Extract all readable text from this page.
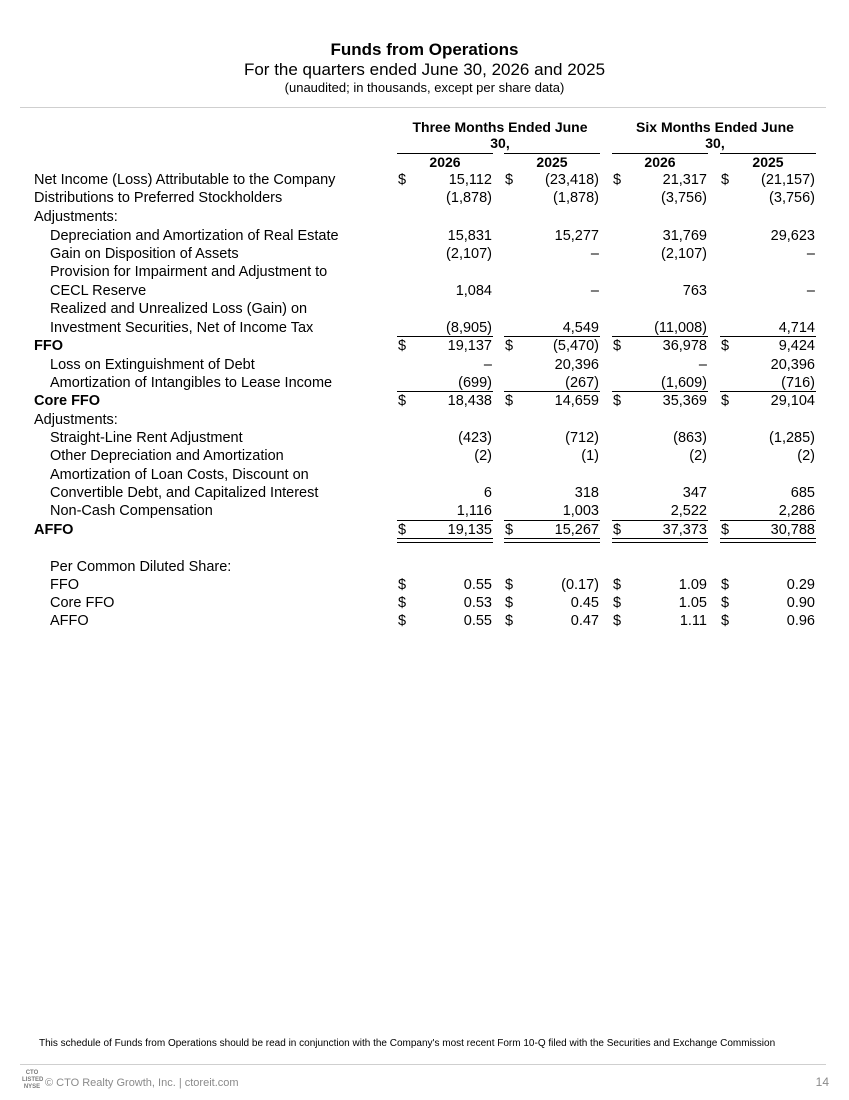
Funds from Operations
For the quarters ended June 30, 2026 and 2025
(unaudited; in thousands, except per share data)
Three Months Ended June 30,
Six Months Ended June 30,
2026	2025	2026	2025
Net Income (Loss) Attributable to the Company	$	15,112 $ (23,418) $	21,317 $ (21,157)
Distributions to Preferred Stockholders	(1,878)	(1,878)	(3,756)	(3,756)
Adjustments:
Depreciation and Amortization of Real Estate	15,831	15,277	31,769	29,623
Gain on Disposition of Assets	(2,107)	–	(2,107)	–
Provision for Impairment and Adjustment to
CECL Reserve	1,084	–	763	–
Realized and Unrealized Loss (Gain) on
Investment Securities, Net of Income Tax	(8,905)	4,549	(11,008)	4,714
FFO	$	19,137 $	(5,470) $	36,978 $	9,424
Loss on Extinguishment of Debt	–	20,396	–	20,396
Amortization of Intangibles to Lease Income	(699)	(267)	(1,609)	(716)
Core FFO	$	18,438 $	14,659 $	35,369 $	29,104
Adjustments:
Straight-Line Rent Adjustment	(423)	(712)	(863)	(1,285)
Other Depreciation and Amortization	(2)	(1)	(2)	(2)
Amortization of Loan Costs, Discount on
Convertible Debt, and Capitalized Interest	6	318	347	685
Non-Cash Compensation	1,116	1,003	2,522	2,286
AFFO	$	19,135 $	15,267 $	37,373 $	30,788
Per Common Diluted Share:
FFO	$	0.55 $	(0.17) $	1.09 $	0.29
Core FFO	$	0.53 $	0.45 $	1.05 $	0.90
AFFO	$	0.55 $	0.47 $	1.11 $	0.96
This schedule of Funds from Operations should be read in conjunction with the Company's most recent Form 10-Q filed with the Securities and Exchange Commission
CTO
LISTED
NYSE © CTO Realty Growth, Inc. | ctoreit.com	14
